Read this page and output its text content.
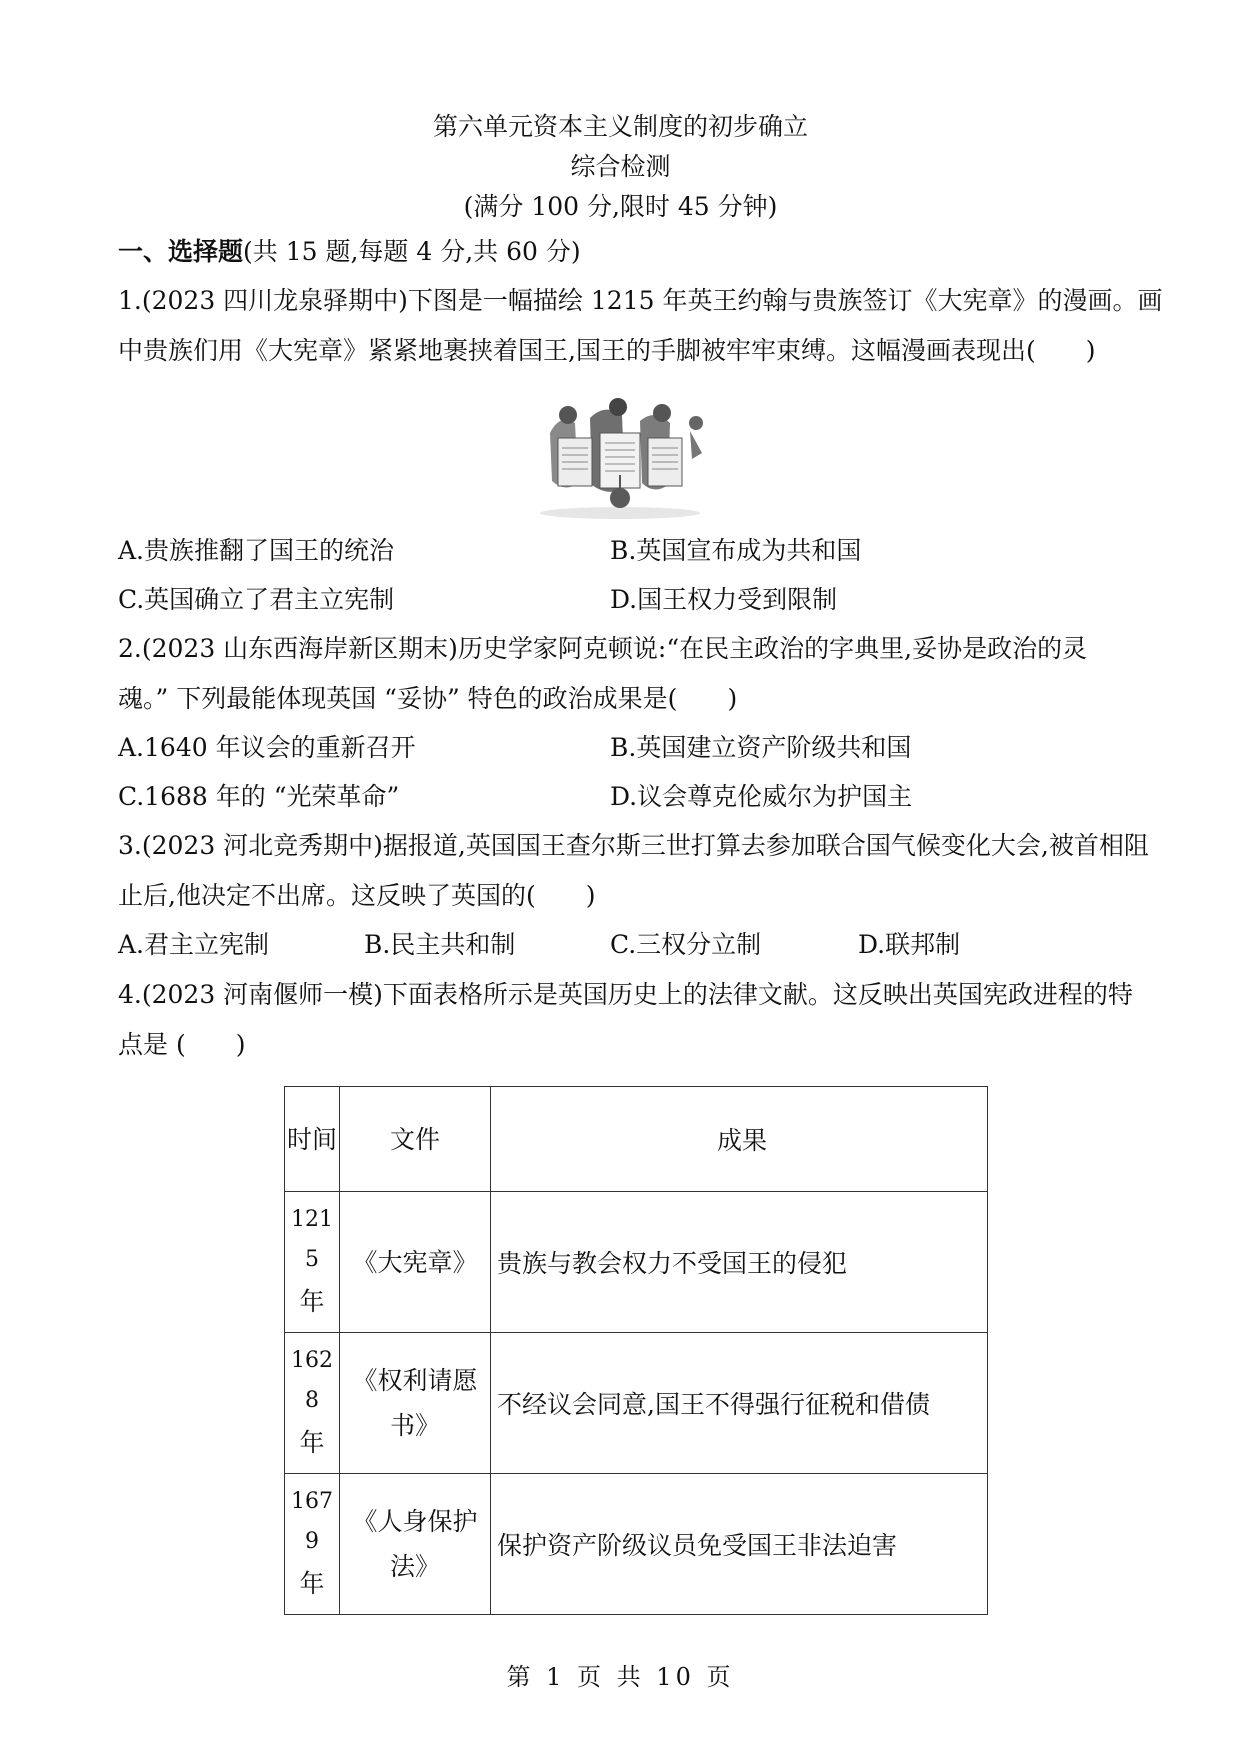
第六单元资本主义制度的初步确立
综合检测
(满分 100 分,限时 45 分钟)
一、选择题(共 15 题,每题 4 分,共 60 分)
1.(2023 四川龙泉驿期中)下图是一幅描绘 1215 年英王约翰与贵族签订《大宪章》的漫画。画
中贵族们用《大宪章》紧紧地裹挟着国王,国王的手脚被牢牢束缚。这幅漫画表现出(　　)
A.贵族推翻了国王的统治	B.英国宣布成为共和国
C.英国确立了君主立宪制	D.国王权力受到限制
2.(2023 山东西海岸新区期末)历史学家阿克顿说:“在民主政治的字典里,妥协是政治的灵
魂。” 下列最能体现英国 “妥协” 特色的政治成果是(　　)
A.1640 年议会的重新召开	B.英国建立资产阶级共和国
C.1688 年的 “光荣革命”	D.议会尊克伦威尔为护国主
3.(2023 河北竞秀期中)据报道,英国国王查尔斯三世打算去参加联合国气候变化大会,被首相阻
止后,他决定不出席。这反映了英国的(　　)
A.君主立宪制	B.民主共和制	C.三权分立制	D.联邦制
4.(2023 河南偃师一模)下面表格所示是英国历史上的法律文献。这反映出英国宪政进程的特
点是 (　　)
时间	文件	成果

1215
年	《大宪章》	贵族与教会权力不受国王的侵犯

1628
年	《权利请愿书》	不经议会同意,国王不得强行征税和借债

1679
年	《人身保护法》	保护资产阶级议员免受国王非法迫害
第 1 页 共 10 页
